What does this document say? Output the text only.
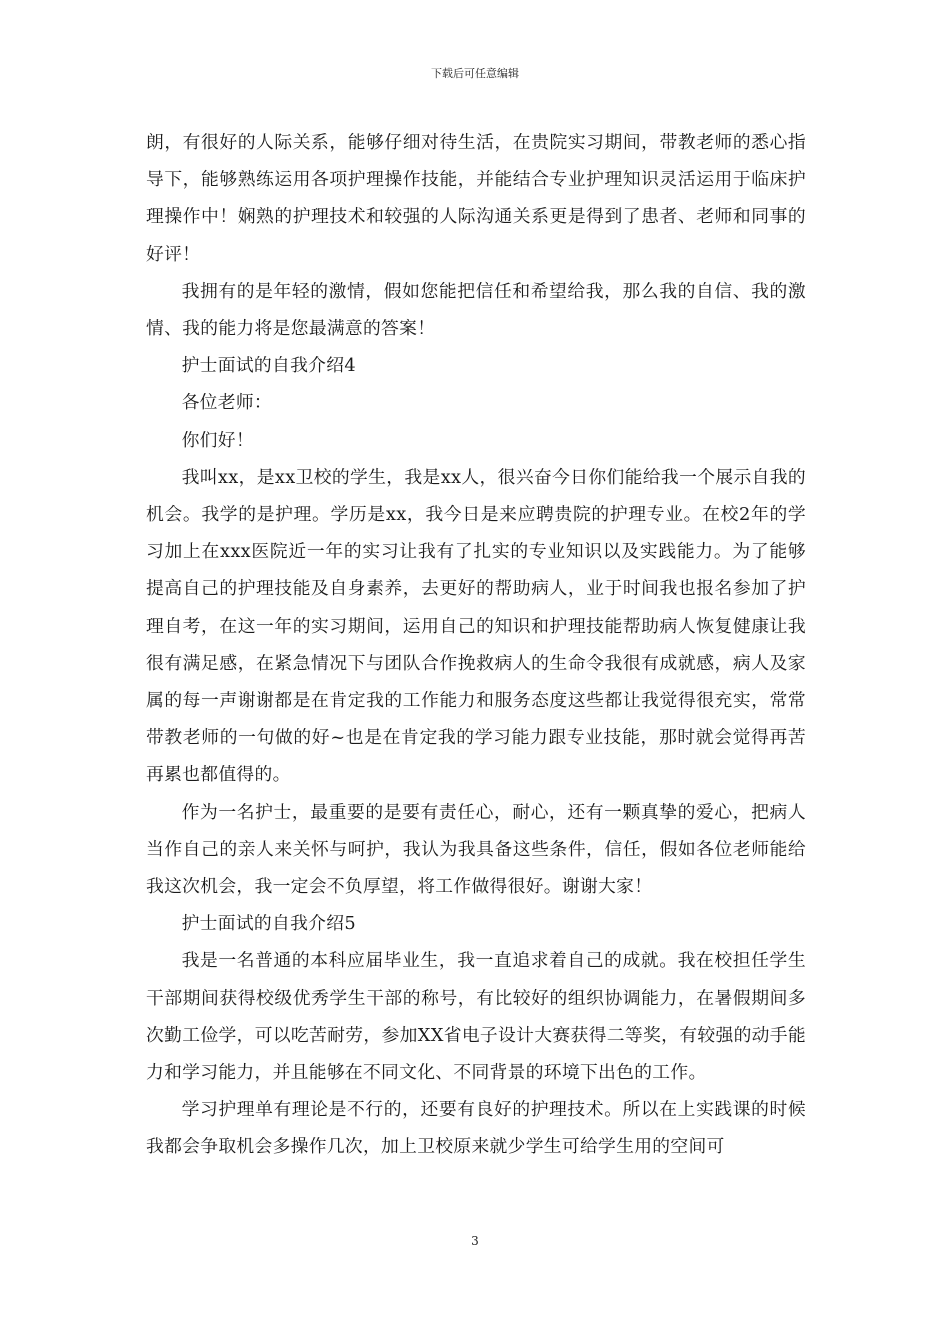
下载后可任意编辑

朗，有很好的人际关系，能够仔细对待生活，在贵院实习期间，带教老师的悉心指导下，能够熟练运用各项护理操作技能，并能结合专业护理知识灵活运用于临床护理操作中！娴熟的护理技术和较强的人际沟通关系更是得到了患者、老师和同事的好评！

我拥有的是年轻的激情，假如您能把信任和希望给我，那么我的自信、我的激情、我的能力将是您最满意的答案！

护士面试的自我介绍4

各位老师：

你们好！

我叫xx，是xx卫校的学生，我是xx人，很兴奋今日你们能给我一个展示自我的机会。我学的是护理。学历是xx，我今日是来应聘贵院的护理专业。在校2年的学习加上在xxx医院近一年的实习让我有了扎实的专业知识以及实践能力。为了能够提高自己的护理技能及自身素养，去更好的帮助病人，业于时间我也报名参加了护理自考，在这一年的实习期间，运用自己的知识和护理技能帮助病人恢复健康让我很有满足感，在紧急情况下与团队合作挽救病人的生命令我很有成就感，病人及家属的每一声谢谢都是在肯定我的工作能力和服务态度这些都让我觉得很充实，常常带教老师的一句做的好~也是在肯定我的学习能力跟专业技能，那时就会觉得再苦再累也都值得的。

作为一名护士，最重要的是要有责任心，耐心，还有一颗真挚的爱心，把病人当作自己的亲人来关怀与呵护，我认为我具备这些条件，信任，假如各位老师能给我这次机会，我一定会不负厚望，将工作做得很好。谢谢大家！

护士面试的自我介绍5

我是一名普通的本科应届毕业生，我一直追求着自己的成就。我在校担任学生干部期间获得校级优秀学生干部的称号，有比较好的组织协调能力，在暑假期间多次勤工俭学，可以吃苦耐劳，参加XX省电子设计大赛获得二等奖，有较强的动手能力和学习能力，并且能够在不同文化、不同背景的环境下出色的工作。

学习护理单有理论是不行的，还要有良好的护理技术。所以在上实践课的时候我都会争取机会多操作几次，加上卫校原来就少学生可给学生用的空间可

3
